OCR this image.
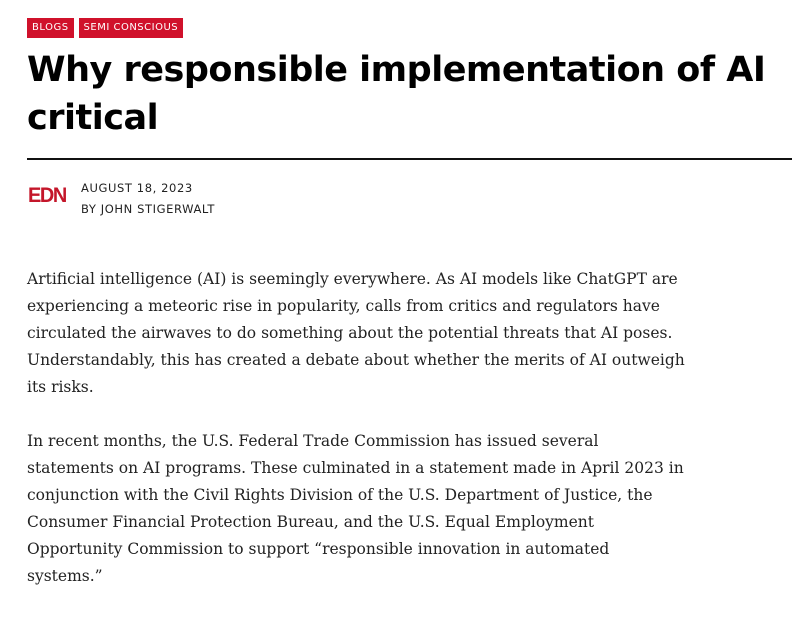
BLOGS	SEMI CONSCIOUS
Why responsible implementation of AI
critical
EDN AUGUST 18, 2023
BY JOHN STIGERWALT

Artificial intelligence (AI) is seemingly everywhere. As AI models like ChatGPT are experiencing a meteoric rise in popularity, calls from critics and regulators have circulated the airwaves to do something about the potential threats that AI poses. Understandably, this has created a debate about whether the merits of AI outweigh its risks.

In recent months, the U.S. Federal Trade Commission has issued several statements on AI programs. These culminated in a statement made in April 2023 in conjunction with the Civil Rights Division of the U.S. Department of Justice, the Consumer Financial Protection Bureau, and the U.S. Equal Employment Opportunity Commission to support “responsible innovation in automated systems.”
